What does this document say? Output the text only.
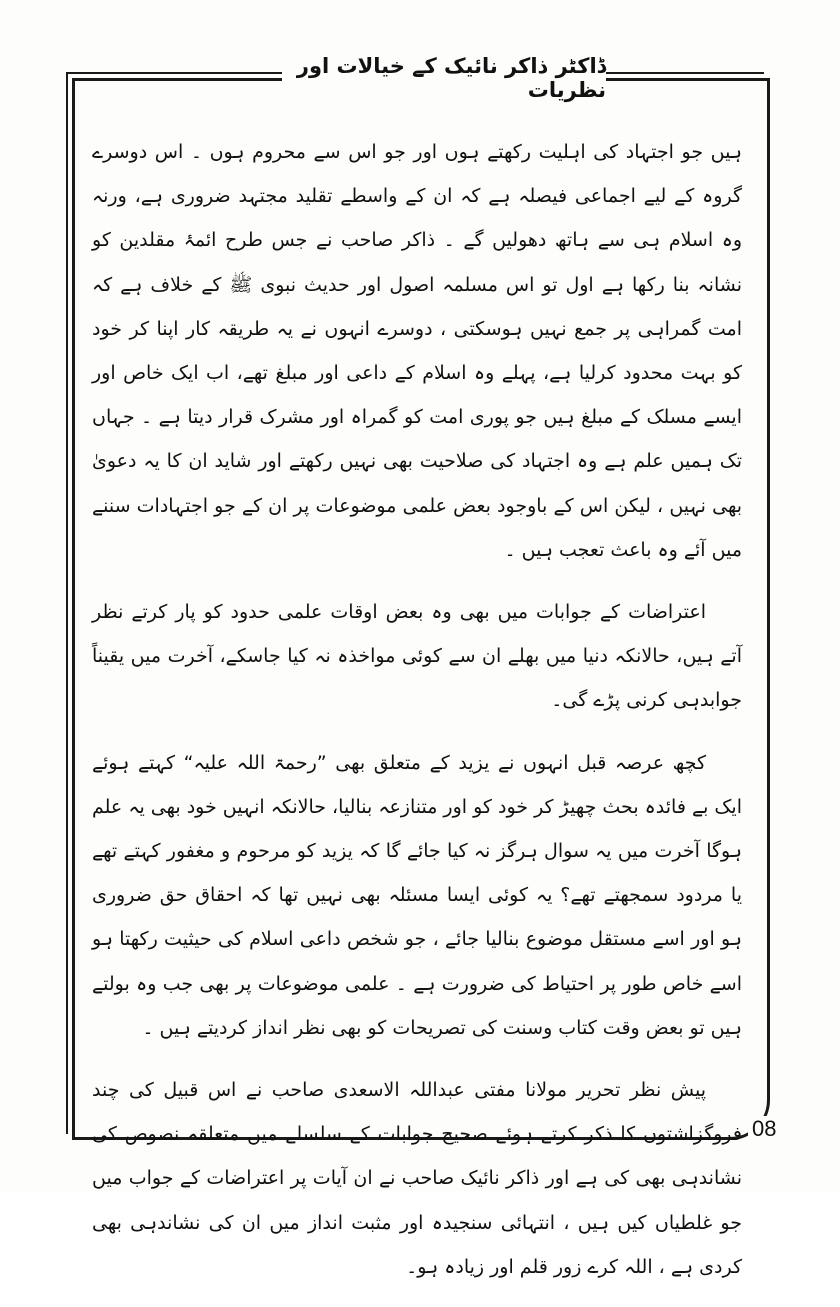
ڈاکٹر ذاکر نائیک کے خیالات اور نظریات

ہیں جو اجتہاد کی اہلیت رکھتے ہوں اور جو اس سے محروم ہوں ۔ اس دوسرے گروہ کے لیے اجماعی فیصلہ ہے کہ ان کے واسطے تقلید مجتہد ضروری ہے، ورنہ وہ اسلام ہی سے ہاتھ دھولیں گے ۔ ذاکر صاحب نے جس طرح ائمۂ مقلدین کو نشانہ بنا رکھا ہے اول تو اس مسلمہ اصول اور حدیث نبوی ﷺ کے خلاف ہے کہ امت گمراہی پر جمع نہیں ہوسکتی ، دوسرے انہوں نے یہ طریقہ کار اپنا کر خود کو بہت محدود کرلیا ہے، پہلے وہ اسلام کے داعی اور مبلغ تھے، اب ایک خاص اور ایسے مسلک کے مبلغ ہیں جو پوری امت کو گمراہ اور مشرک قرار دیتا ہے ۔ جہاں تک ہمیں علم ہے وہ اجتہاد کی صلاحیت بھی نہیں رکھتے اور شاید ان کا یہ دعویٰ بھی نہیں ، لیکن اس کے باوجود بعض علمی موضوعات پر ان کے جو اجتہادات سننے میں آئے وہ باعث تعجب ہیں ۔

اعتراضات کے جوابات میں بھی وہ بعض اوقات علمی حدود کو پار کرتے نظر آتے ہیں، حالانکہ دنیا میں بھلے ان سے کوئی مواخذہ نہ کیا جاسکے، آخرت میں یقیناً جوابدہی کرنی پڑے گی۔

کچھ عرصہ قبل انہوں نے یزید کے متعلق بھی ”رحمۃ اللہ علیہ“ کہتے ہوئے ایک بے فائدہ بحث چھیڑ کر خود کو اور متنازعہ بنالیا، حالانکہ انہیں خود بھی یہ علم ہوگا آخرت میں یہ سوال ہرگز نہ کیا جائے گا کہ یزید کو مرحوم و مغفور کہتے تھے یا مردود سمجھتے تھے؟ یہ کوئی ایسا مسئلہ بھی نہیں تھا کہ احقاق حق ضروری ہو اور اسے مستقل موضوع بنالیا جائے ، جو شخص داعی اسلام کی حیثیت رکھتا ہو اسے خاص طور پر احتیاط کی ضرورت ہے ۔ علمی موضوعات پر بھی جب وہ بولتے ہیں تو بعض وقت کتاب وسنت کی تصریحات کو بھی نظر انداز کردیتے ہیں ۔

پیش نظر تحریر مولانا مفتی عبداللہ الاسعدی صاحب نے اس قبیل کی چند فروگزاشتوں کا ذکر کرتے ہوئے صحیح جوابات کے سلسلے میں متعلقہ نصوص کی نشاندہی بھی کی ہے اور ذاکر نائیک صاحب نے ان آیات پر اعتراضات کے جواب میں جو غلطیاں کیں ہیں ، انتہائی سنجیدہ اور مثبت انداز میں ان کی نشاندہی بھی کردی ہے ، اللہ کرے زور قلم اور زیادہ ہو۔

08
